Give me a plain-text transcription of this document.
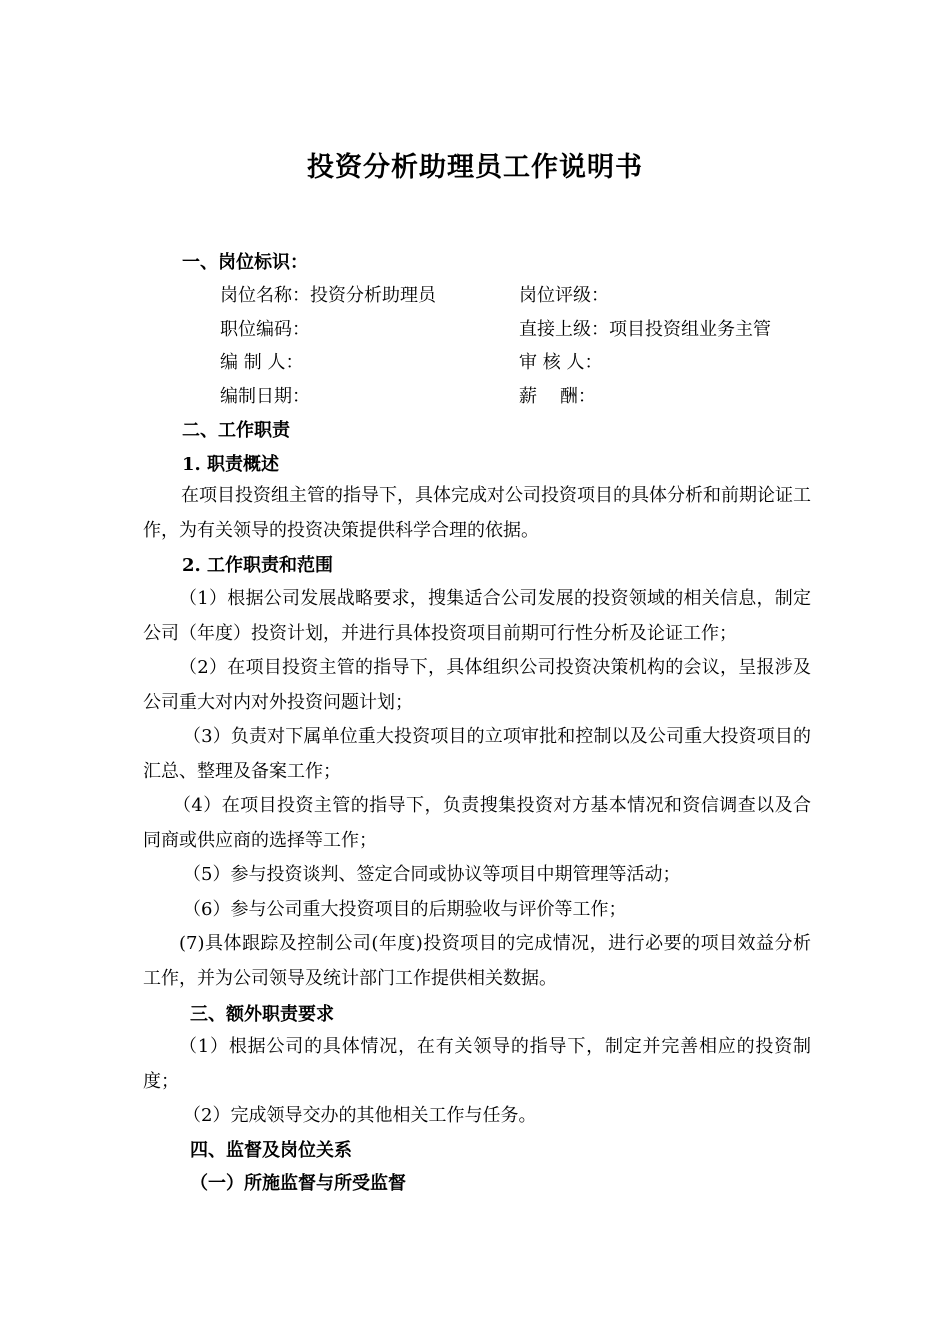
投资分析助理员工作说明书
一、岗位标识：
岗位名称：投资分析助理员	岗位评级：
职位编码：	直接上级：项目投资组业务主管
编 制 人：	审 核 人：
编制日期：	薪    酬：
二、工作职责
1. 职责概述
在项目投资组主管的指导下，具体完成对公司投资项目的具体分析和前期论证工作，为有关领导的投资决策提供科学合理的依据。
2. 工作职责和范围
（1）根据公司发展战略要求，搜集适合公司发展的投资领域的相关信息，制定公司（年度）投资计划，并进行具体投资项目前期可行性分析及论证工作；
（2）在项目投资主管的指导下，具体组织公司投资决策机构的会议，呈报涉及公司重大对内对外投资问题计划；
（3）负责对下属单位重大投资项目的立项审批和控制以及公司重大投资项目的汇总、整理及备案工作；
（4）在项目投资主管的指导下，负责搜集投资对方基本情况和资信调查以及合同商或供应商的选择等工作；
（5）参与投资谈判、签定合同或协议等项目中期管理等活动；
（6）参与公司重大投资项目的后期验收与评价等工作；
(7)具体跟踪及控制公司(年度)投资项目的完成情况，进行必要的项目效益分析工作，并为公司领导及统计部门工作提供相关数据。
三、额外职责要求
（1）根据公司的具体情况，在有关领导的指导下，制定并完善相应的投资制度；
（2）完成领导交办的其他相关工作与任务。
四、监督及岗位关系
（一）所施监督与所受监督
